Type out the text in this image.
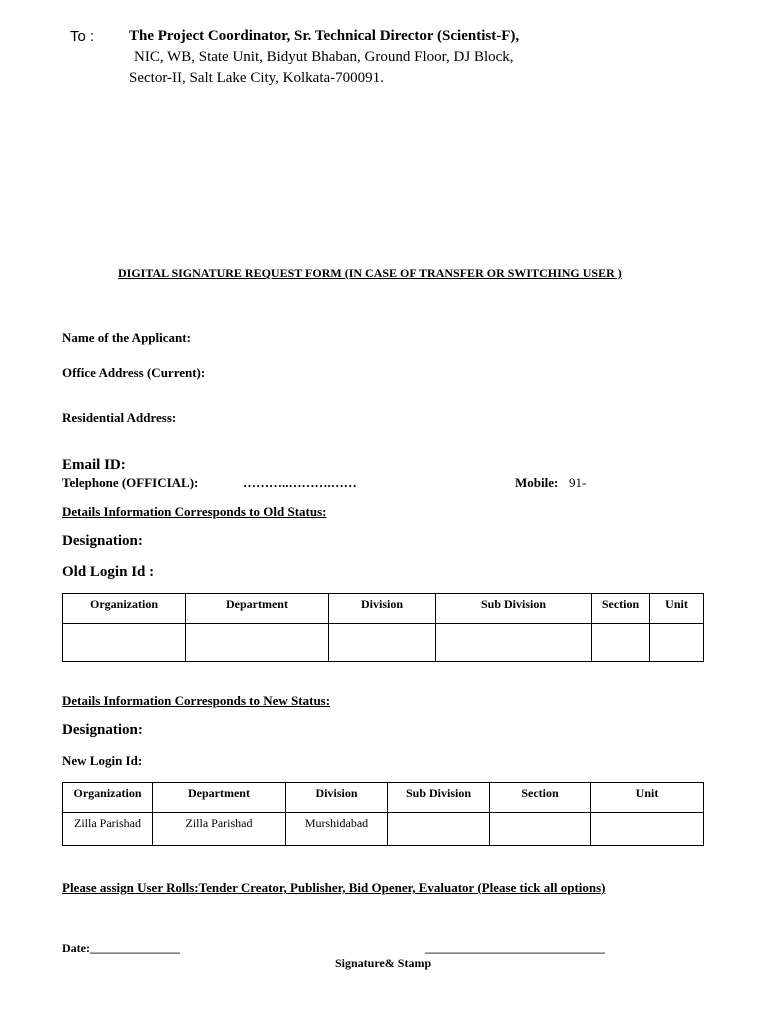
To : The Project Coordinator, Sr. Technical Director (Scientist-F),
NIC, WB, State Unit, Bidyut Bhaban, Ground Floor, DJ Block,
Sector-II, Salt Lake City, Kolkata-700091.
DIGITAL SIGNATURE REQUEST FORM (IN CASE OF TRANSFER OR SWITCHING USER )
Name of the Applicant:
Office Address (Current):
Residential Address:
Email ID:
Telephone (OFFICIAL):	………..……….……	Mobile: 91-
Details Information Corresponds to Old Status:
Designation:
Old Login Id :
Organization	Department	Division	Sub Division	Section	Unit

Details Information Corresponds to New Status:
Designation:
New Login Id:
Organization	Department	Division	Sub Division	Section	Unit
Zilla Parishad	Zilla Parishad	Murshidabad			
Please assign User Rolls:Tender Creator, Publisher, Bid Opener, Evaluator (Please tick all options)
Date:_______________	______________________________
Signature& Stamp
